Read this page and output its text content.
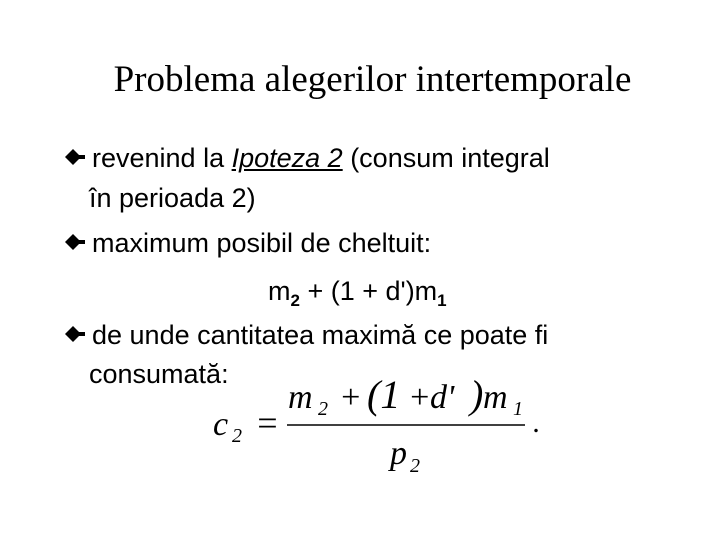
Problema alegerilor intertemporale
revenind la Ipoteza 2 (consum integral
în perioada 2)
maximum posibil de cheltuit:
$m_2 + (1 + d')m_1$
de unde cantitatea maximă ce poate fi
consumată:
c 2 =
m 2 + (1 + d' ) m 1
p 2
.
